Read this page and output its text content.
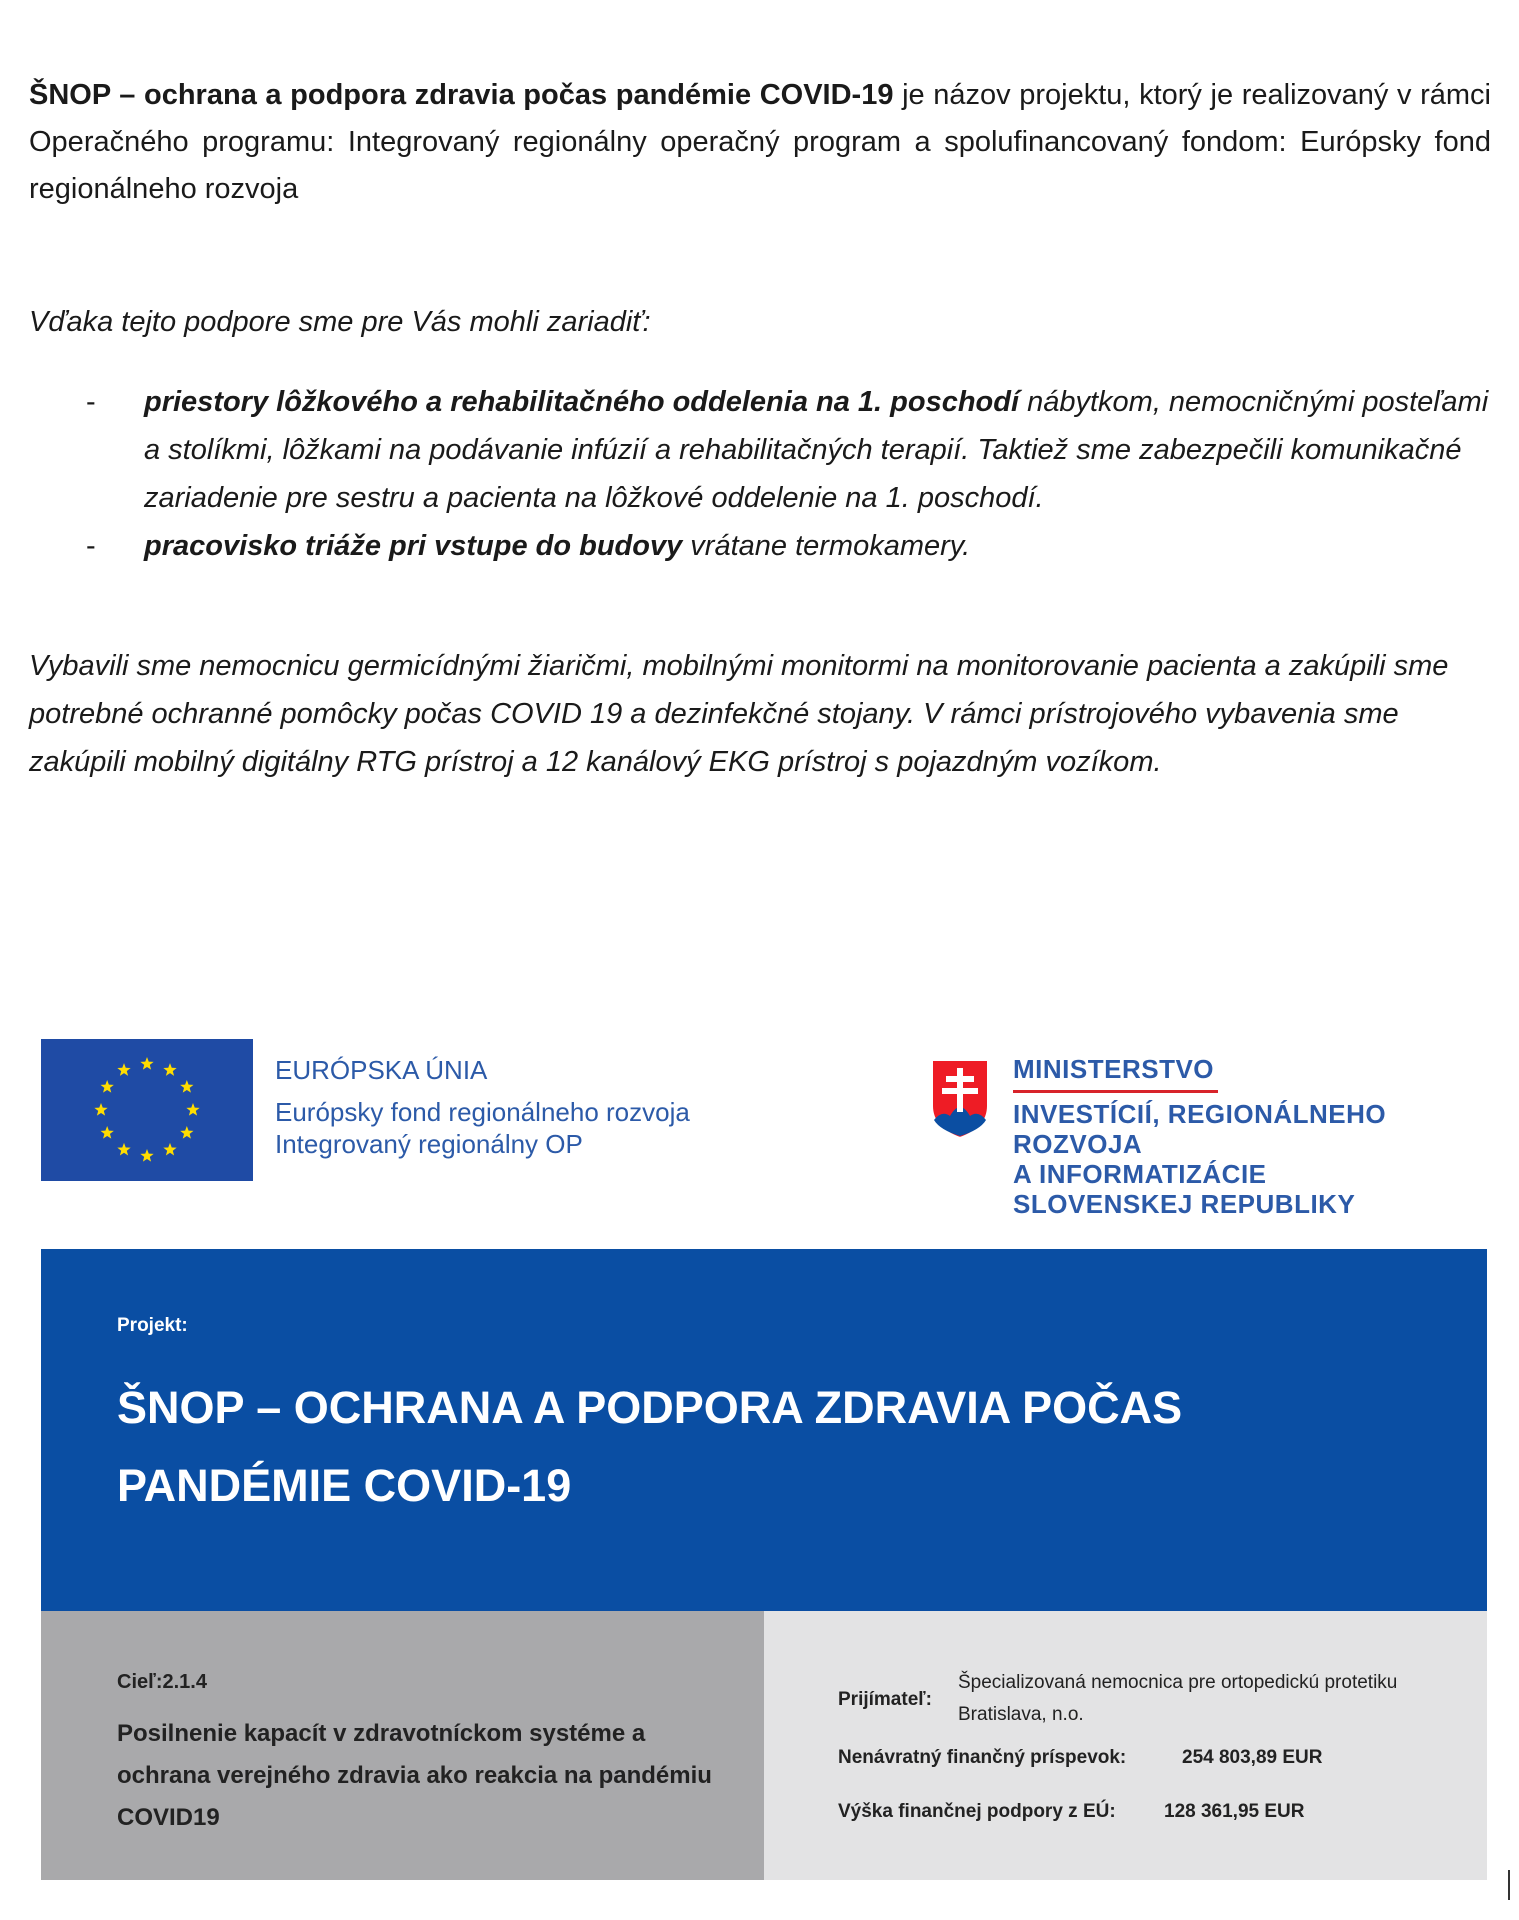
ŠNOP – ochrana a podpora zdravia počas pandémie COVID-19 je názov projektu, ktorý je realizovaný v rámci Operačného programu: Integrovaný regionálny operačný program a spolufinancovaný fondom: Európsky fond regionálneho rozvoja

Vďaka tejto podpore sme pre Vás mohli zariadiť:

- priestory lôžkového a rehabilitačného oddelenia na 1. poschodí nábytkom, nemocničnými posteľami a stolíkmi, lôžkami na podávanie infúzií a rehabilitačných terapií. Taktiež sme zabezpečili komunikačné zariadenie pre sestru a pacienta na lôžkové oddelenie na 1. poschodí.
- pracovisko triáže pri vstupe do budovy vrátane termokamery.

Vybavili sme nemocnicu germicídnými žiaričmi, mobilnými monitormi na monitorovanie pacienta a zakúpili sme potrebné ochranné pomôcky počas COVID 19 a dezinfekčné stojany. V rámci prístrojového vybavenia sme zakúpili mobilný digitálny RTG prístroj a 12 kanálový EKG prístroj s pojazdným vozíkom.

EURÓPSKA ÚNIA
Európsky fond regionálneho rozvoja
Integrovaný regionálny OP
MINISTERSTVO
INVESTÍCIÍ, REGIONÁLNEHO ROZVOJA
A INFORMATIZÁCIE
SLOVENSKEJ REPUBLIKY
Projekt:
ŠNOP – OCHRANA A PODPORA ZDRAVIA POČAS PANDÉMIE COVID-19
Cieľ:2.1.4
Posilnenie kapacít v zdravotníckom systéme a ochrana verejného zdravia ako reakcia na pandémiu COVID19
Prijímateľ:
Špecializovaná nemocnica pre ortopedickú protetiku Bratislava, n.o.
Nenávratný finančný príspevok:	254 803,89 EUR
Výška finančnej podpory z EÚ:	128 361,95 EUR
